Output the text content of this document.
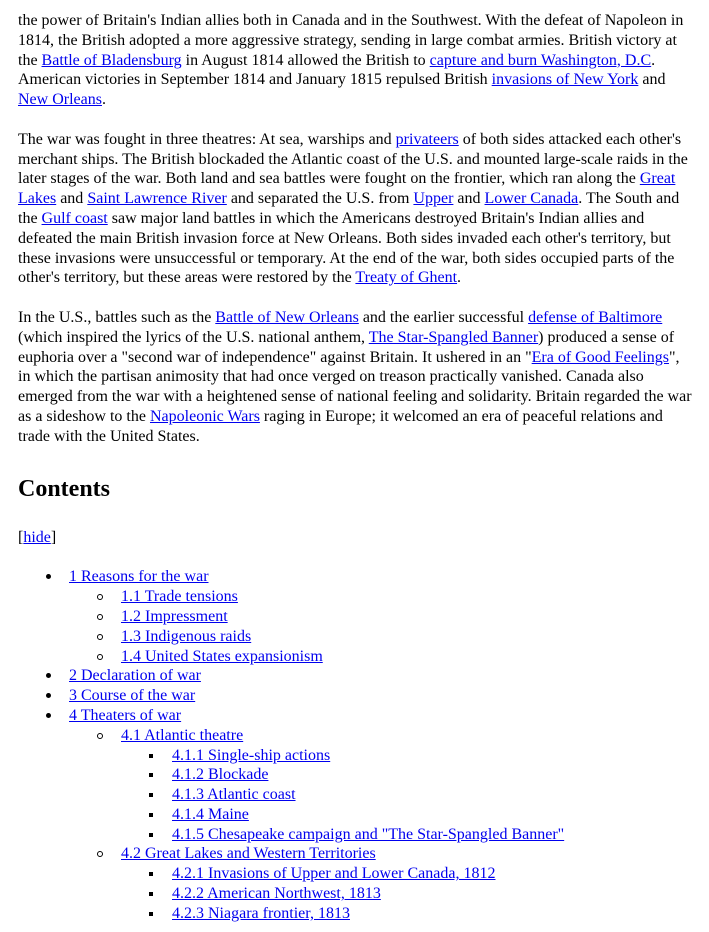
the power of Britain's Indian allies both in Canada and in the Southwest. With the defeat of Napoleon in 1814, the British adopted a more aggressive strategy, sending in large combat armies. British victory at the Battle of Bladensburg in August 1814 allowed the British to capture and burn Washington, D.C. American victories in September 1814 and January 1815 repulsed British invasions of New York and New Orleans.

The war was fought in three theatres: At sea, warships and privateers of both sides attacked each other's merchant ships. The British blockaded the Atlantic coast of the U.S. and mounted large-scale raids in the later stages of the war. Both land and sea battles were fought on the frontier, which ran along the Great Lakes and Saint Lawrence River and separated the U.S. from Upper and Lower Canada. The South and the Gulf coast saw major land battles in which the Americans destroyed Britain's Indian allies and defeated the main British invasion force at New Orleans. Both sides invaded each other's territory, but these invasions were unsuccessful or temporary. At the end of the war, both sides occupied parts of the other's territory, but these areas were restored by the Treaty of Ghent.

In the U.S., battles such as the Battle of New Orleans and the earlier successful defense of Baltimore (which inspired the lyrics of the U.S. national anthem, The Star-Spangled Banner) produced a sense of euphoria over a "second war of independence" against Britain. It ushered in an "Era of Good Feelings", in which the partisan animosity that had once verged on treason practically vanished. Canada also emerged from the war with a heightened sense of national feeling and solidarity. Britain regarded the war as a sideshow to the Napoleonic Wars raging in Europe; it welcomed an era of peaceful relations and trade with the United States.

Contents
[hide]
1 Reasons for the war
1.1 Trade tensions
1.2 Impressment
1.3 Indigenous raids
1.4 United States expansionism
2 Declaration of war
3 Course of the war
4 Theaters of war
4.1 Atlantic theatre
4.1.1 Single-ship actions
4.1.2 Blockade
4.1.3 Atlantic coast
4.1.4 Maine
4.1.5 Chesapeake campaign and "The Star-Spangled Banner"
4.2 Great Lakes and Western Territories
4.2.1 Invasions of Upper and Lower Canada, 1812
4.2.2 American Northwest, 1813
4.2.3 Niagara frontier, 1813
